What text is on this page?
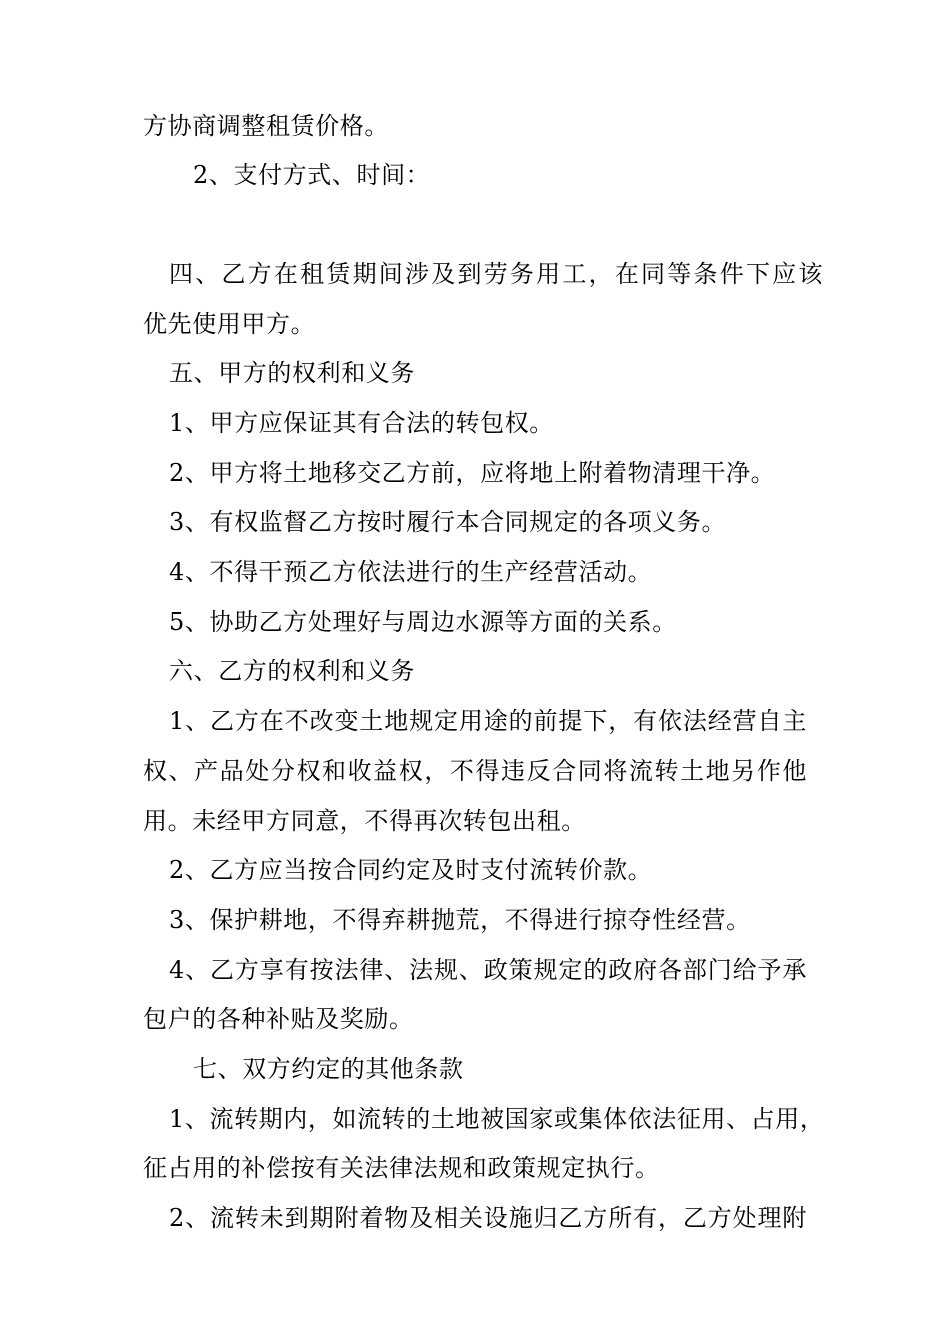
方协商调整租赁价格。
2、支付方式、时间：
四、乙方在租赁期间涉及到劳务用工，在同等条件下应该
优先使用甲方。
五、甲方的权利和义务
1、甲方应保证其有合法的转包权。
2、甲方将土地移交乙方前，应将地上附着物清理干净。
3、有权监督乙方按时履行本合同规定的各项义务。
4、不得干预乙方依法进行的生产经营活动。
5、协助乙方处理好与周边水源等方面的关系。
六、乙方的权利和义务
1、乙方在不改变土地规定用途的前提下，有依法经营自主
权、产品处分权和收益权，不得违反合同将流转土地另作他
用。未经甲方同意，不得再次转包出租。
2、乙方应当按合同约定及时支付流转价款。
3、保护耕地，不得弃耕抛荒，不得进行掠夺性经营。
4、乙方享有按法律、法规、政策规定的政府各部门给予承
包户的各种补贴及奖励。
七、双方约定的其他条款
1、流转期内，如流转的土地被国家或集体依法征用、占用，
征占用的补偿按有关法律法规和政策规定执行。
2、流转未到期附着物及相关设施归乙方所有，乙方处理附
